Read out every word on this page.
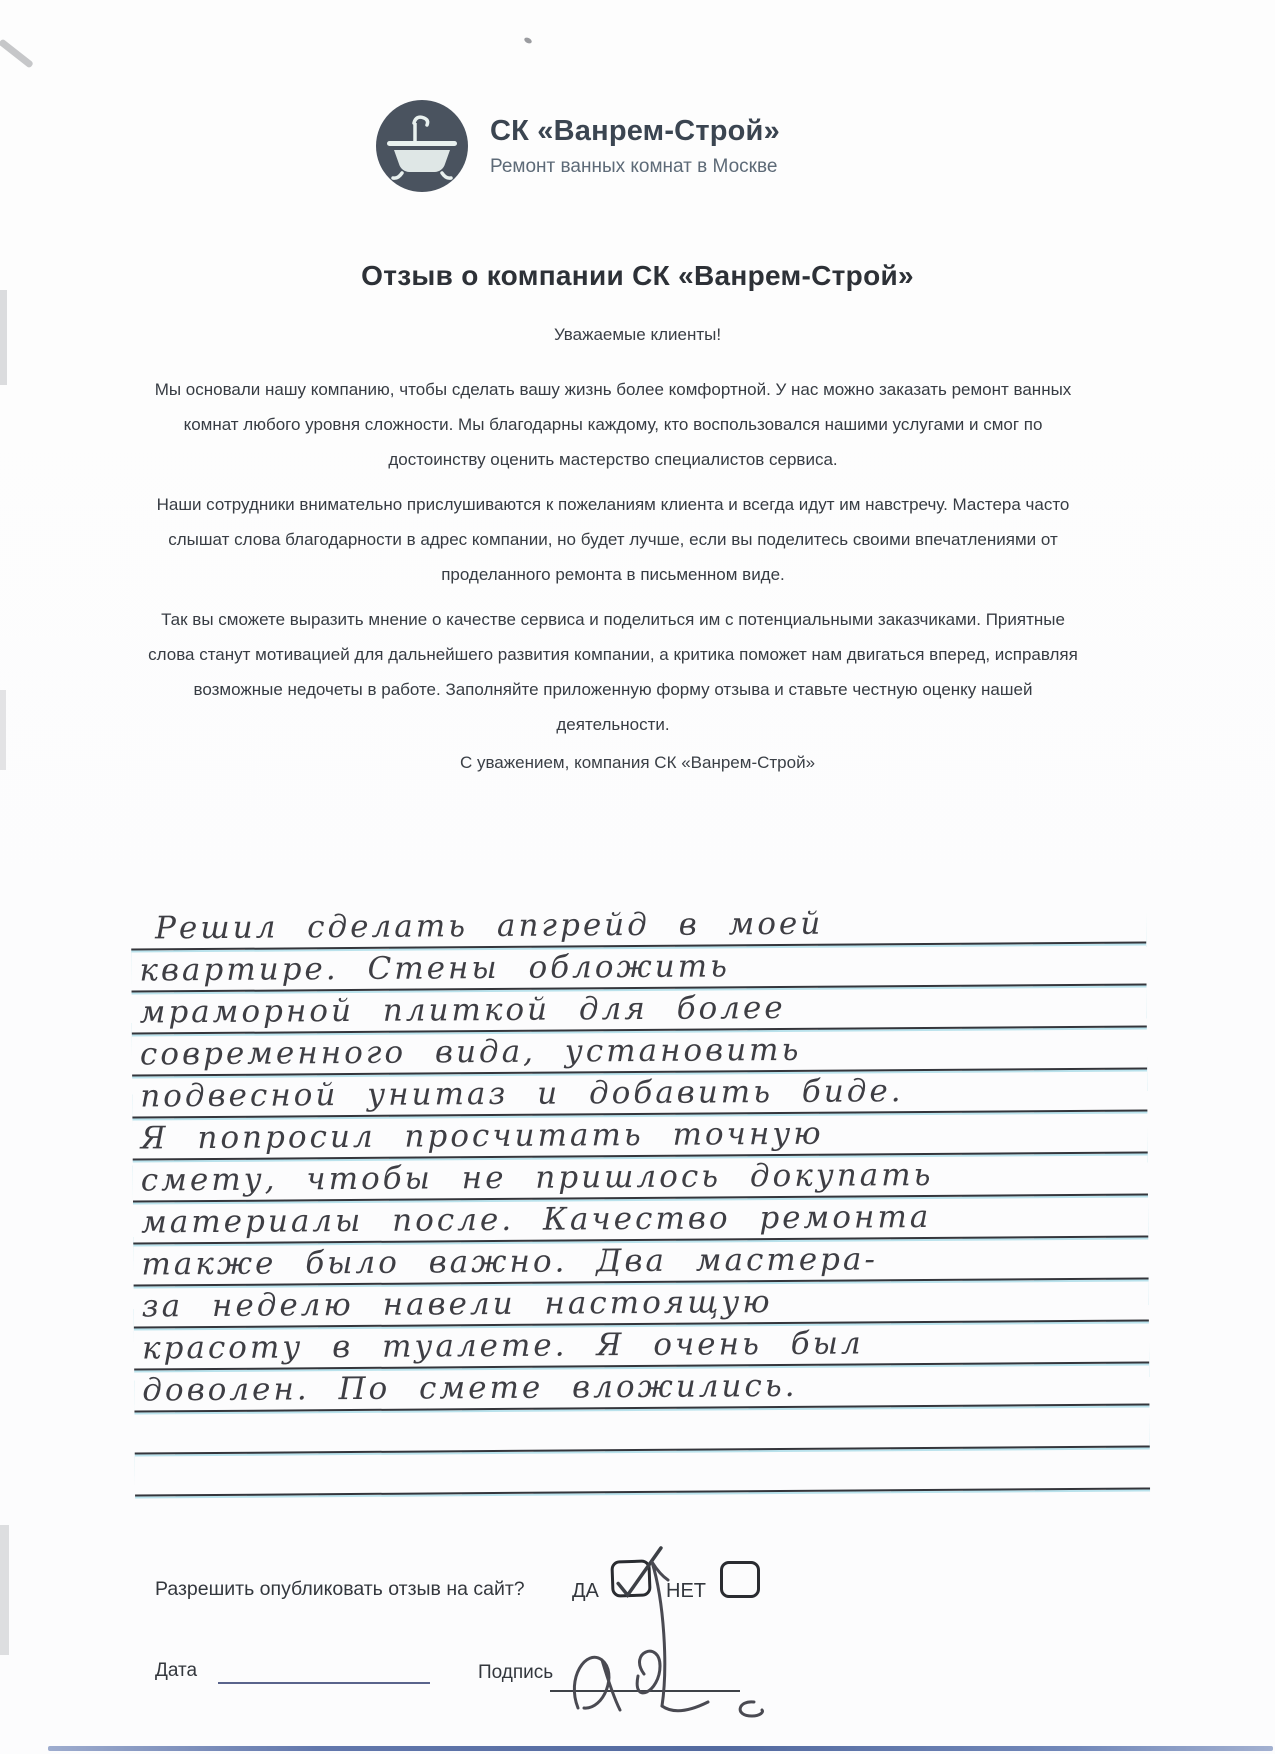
СК «Ванрем-Строй»
Ремонт ванных комнат в Москве
Отзыв о компании СК «Ванрем-Строй»
Уважаемые клиенты!
Мы основали нашу компанию, чтобы сделать вашу жизнь более комфортной. У нас можно заказать ремонт ванных комнат любого уровня сложности. Мы благодарны каждому, кто воспользовался нашими услугами и смог по достоинству оценить мастерство специалистов сервиса.
Наши сотрудники внимательно прислушиваются к пожеланиям клиента и всегда идут им навстречу. Мастера часто слышат слова благодарности в адрес компании, но будет лучше, если вы поделитесь своими впечатлениями от проделанного ремонта в письменном виде.
Так вы сможете выразить мнение о качестве сервиса и поделиться им с потенциальными заказчиками. Приятные слова станут мотивацией для дальнейшего развития компании, а критика поможет нам двигаться вперед, исправляя возможные недочеты в работе. Заполняйте приложенную форму отзыва и ставьте честную оценку нашей деятельности.
С уважением, компания СК «Ванрем-Строй»
Решил сделать апгрейд в моей
квартире. Стены обложить
мраморной плиткой для более
современного вида, установить
подвесной унитаз и добавить биде.
Я попросил просчитать точную
смету, чтобы не пришлось докупать
материалы после. Качество ремонта
также было важно. Два мастера-
за неделю навели настоящую
красоту в туалете. Я очень был
доволен. По смете вложились.
Разрешить опубликовать отзыв на сайт? ДА	НЕТ
Дата	Подпись
